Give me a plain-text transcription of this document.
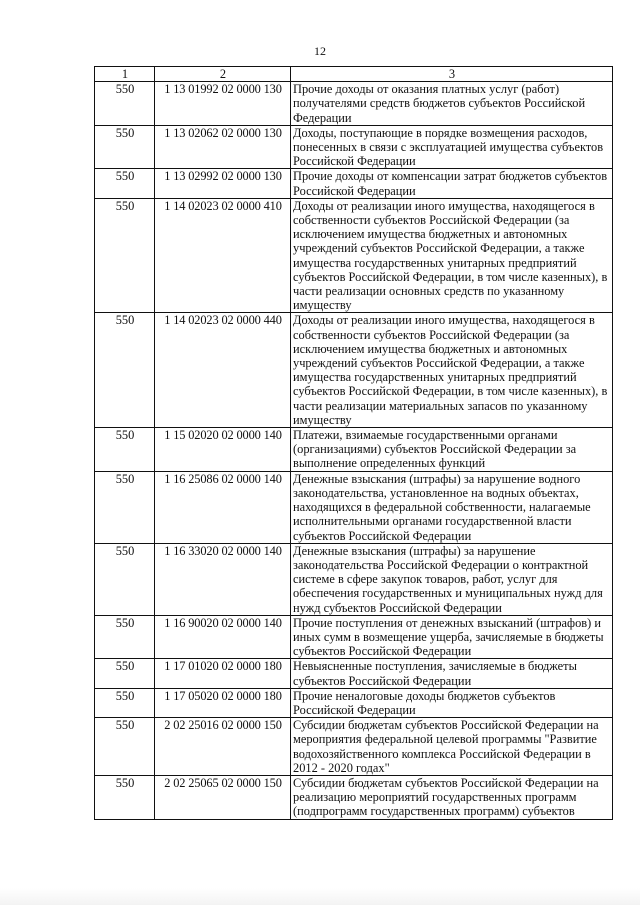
12
1	2	3
550	1 13 01992 02 0000 130	Прочие доходы от оказания платных услуг (работ) получателями средств бюджетов субъектов Российской Федерации
550	1 13 02062 02 0000 130	Доходы, поступающие в порядке возмещения расходов, понесенных в связи с эксплуатацией имущества субъектов Российской Федерации
550	1 13 02992 02 0000 130	Прочие доходы от компенсации затрат бюджетов субъектов Российской Федерации
550	1 14 02023 02 0000 410	Доходы от реализации иного имущества, находящегося в собственности субъектов Российской Федерации (за исключением имущества бюджетных и автономных учреждений субъектов Российской Федерации, а также имущества государственных унитарных предприятий субъектов Российской Федерации, в том числе казенных), в части реализации основных средств по указанному имуществу
550	1 14 02023 02 0000 440	Доходы от реализации иного имущества, находящегося в собственности субъектов Российской Федерации (за исключением имущества бюджетных и автономных учреждений субъектов Российской Федерации, а также имущества государственных унитарных предприятий субъектов Российской Федерации, в том числе казенных), в части реализации материальных запасов по указанному имуществу
550	1 15 02020 02 0000 140	Платежи, взимаемые государственными органами (организациями) субъектов Российской Федерации за выполнение определенных функций
550	1 16 25086 02 0000 140	Денежные взыскания (штрафы) за нарушение водного законодательства, установленное на водных объектах, находящихся в федеральной собственности, налагаемые исполнительными органами государственной власти субъектов Российской Федерации
550	1 16 33020 02 0000 140	Денежные взыскания (штрафы) за нарушение законодательства Российской Федерации о контрактной системе в сфере закупок товаров, работ, услуг для обеспечения государственных и муниципальных нужд для нужд субъектов Российской Федерации
550	1 16 90020 02 0000 140	Прочие поступления от денежных взысканий (штрафов) и иных сумм в возмещение ущерба, зачисляемые в бюджеты субъектов Российской Федерации
550	1 17 01020 02 0000 180	Невыясненные поступления, зачисляемые в бюджеты субъектов Российской Федерации
550	1 17 05020 02 0000 180	Прочие неналоговые доходы бюджетов субъектов Российской Федерации
550	2 02 25016 02 0000 150	Субсидии бюджетам субъектов Российской Федерации на мероприятия федеральной целевой программы "Развитие водохозяйственного комплекса Российской Федерации в 2012 - 2020 годах"
550	2 02 25065 02 0000 150	Субсидии бюджетам субъектов Российской Федерации на реализацию мероприятий государственных программ (подпрограмм государственных программ) субъектов
